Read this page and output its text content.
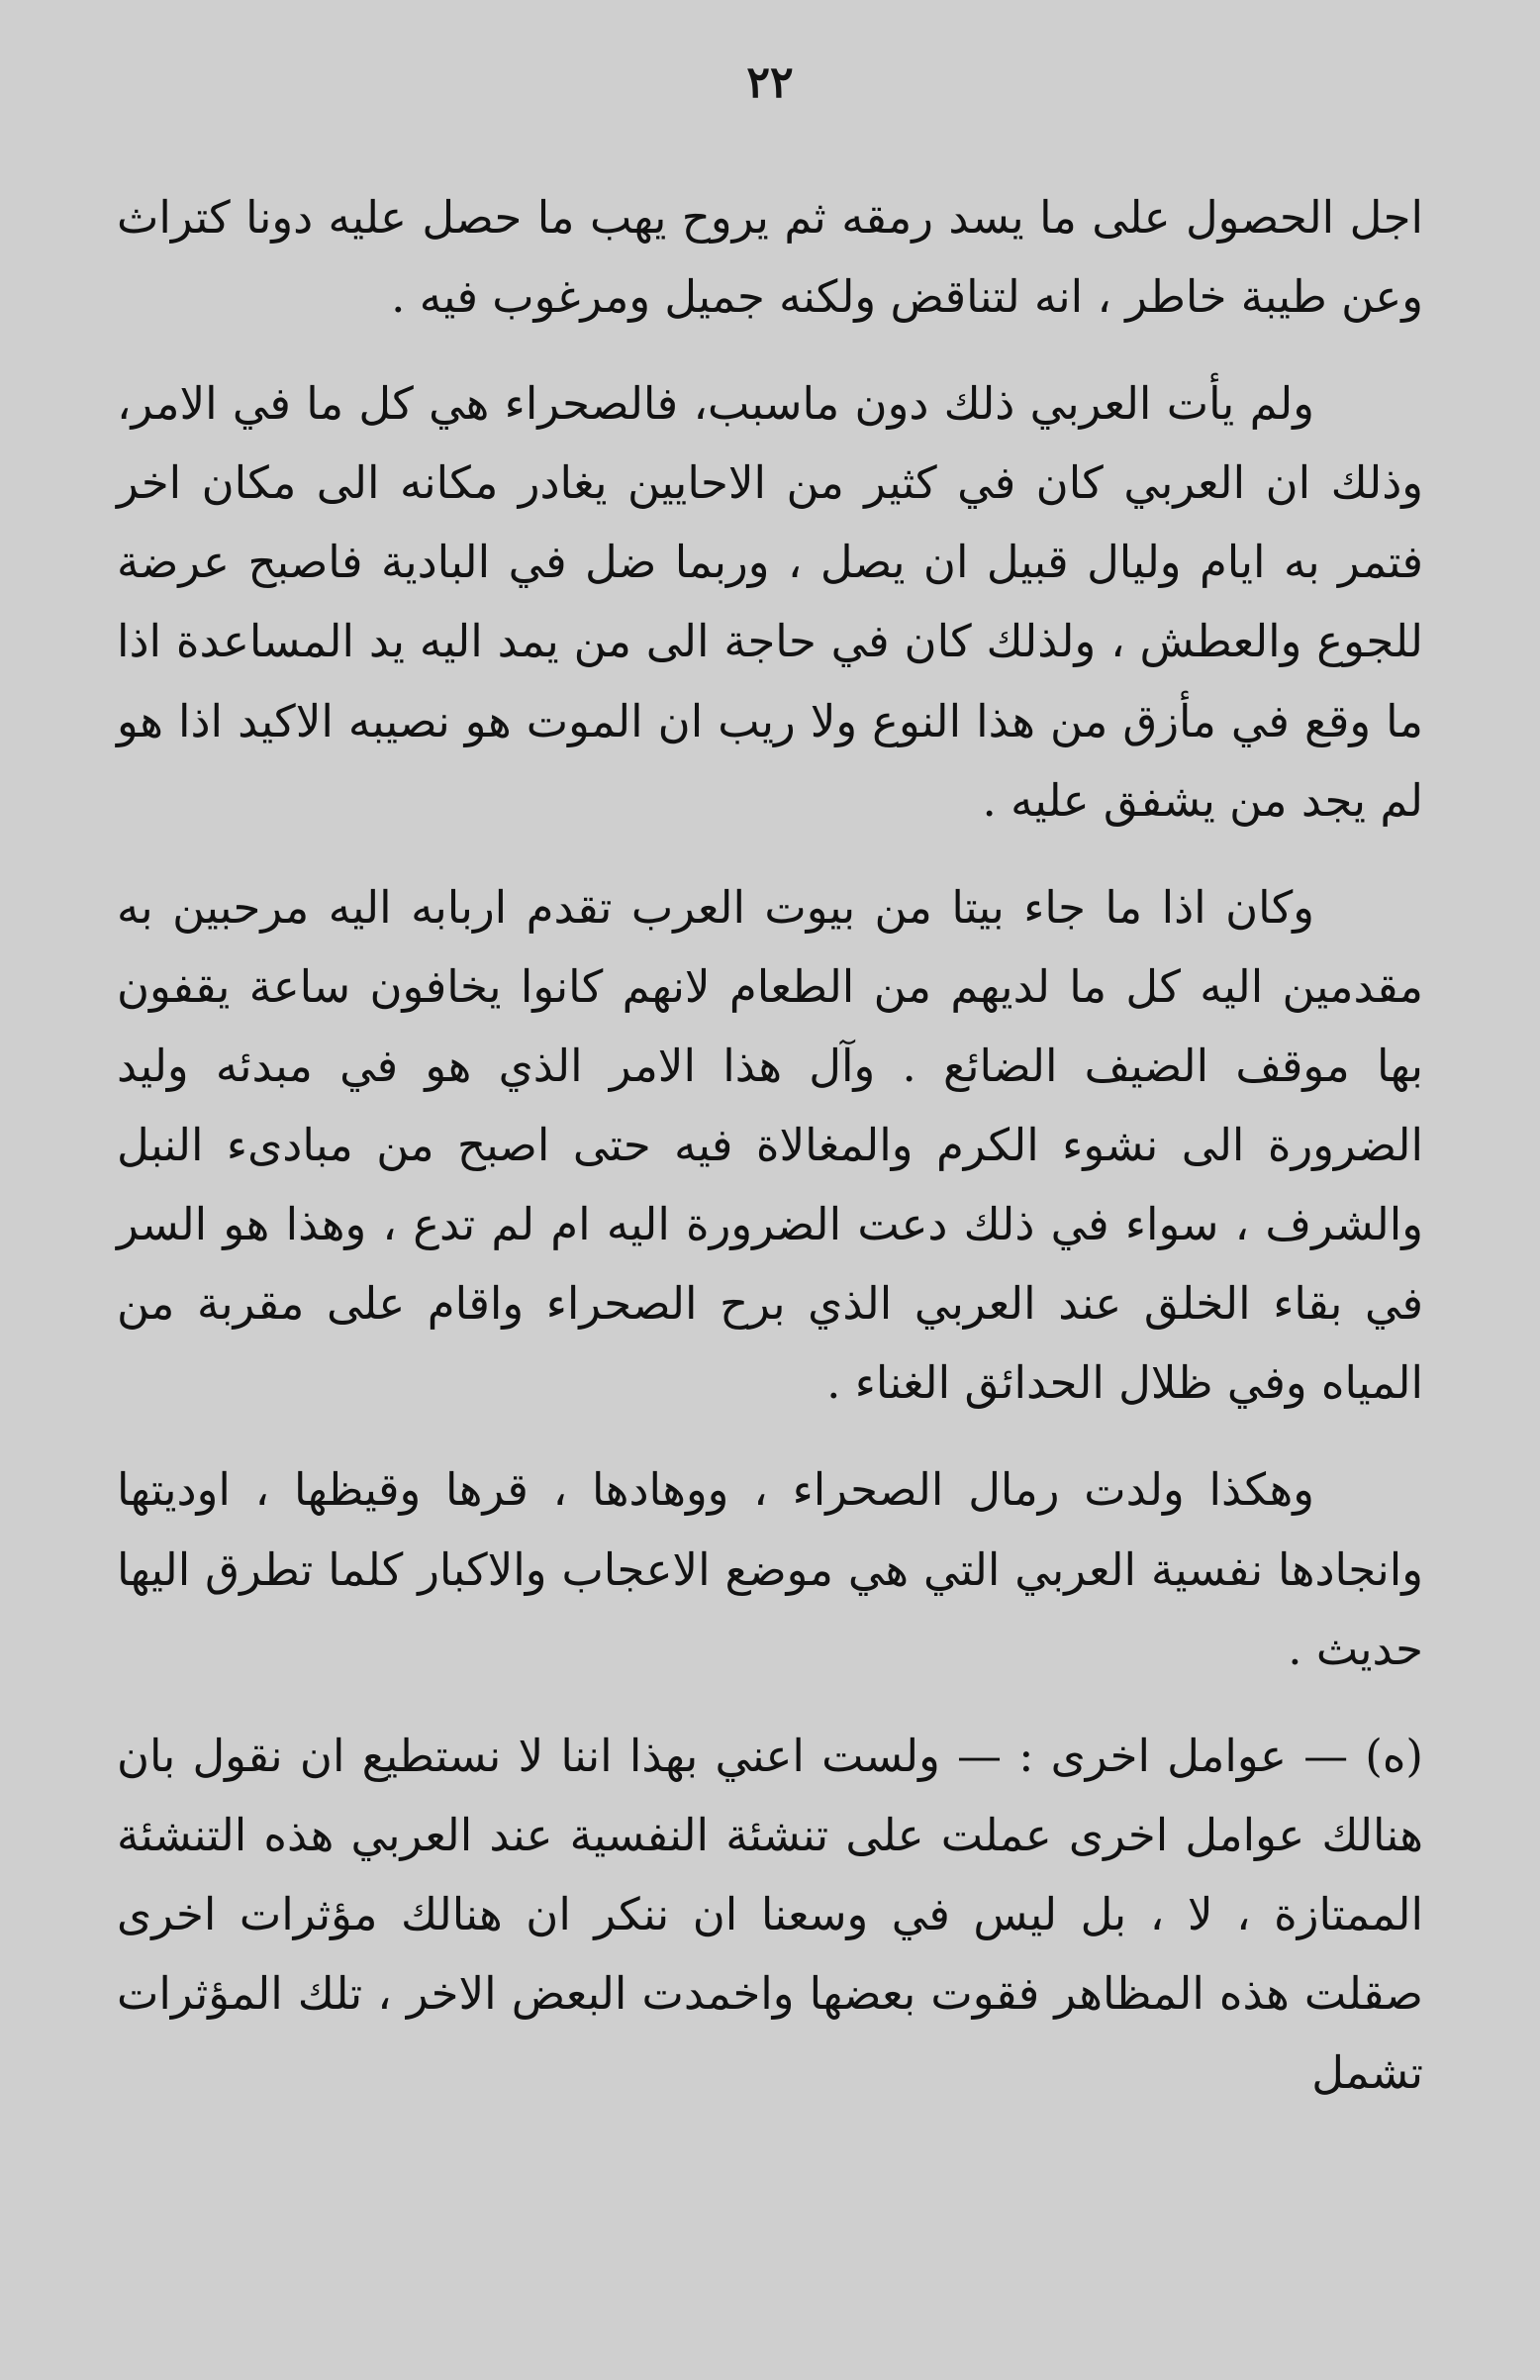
٢٢

اجل الحصول على ما يسد رمقه ثم يروح يهب ما حصل عليه دونا كتراث وعن طيبة خاطر ، انه لتناقض ولكنه جميل ومرغوب فيه .

ولم يأت العربي ذلك دون ماسبب، فالصحراء هي كل ما في الامر، وذلك ان العربي كان في كثير من الاحايين يغادر مكانه الى مكان اخر فتمر به ايام وليال قبيل ان يصل ، وربما ضل في البادية فاصبح عرضة للجوع والعطش ، ولذلك كان في حاجة الى من يمد اليه يد المساعدة اذا ما وقع في مأزق من هذا النوع ولا ريب ان الموت هو نصيبه الاكيد اذا هو لم يجد من يشفق عليه .

وكان اذا ما جاء بيتا من بيوت العرب تقدم اربابه اليه مرحبين به مقدمين اليه كل ما لديهم من الطعام لانهم كانوا يخافون ساعة يقفون بها موقف الضيف الضائع . وآل هذا الامر الذي هو في مبدئه وليد الضرورة الى نشوء الكرم والمغالاة فيه حتى اصبح من مبادىء النبل والشرف ، سواء في ذلك دعت الضرورة اليه ام لم تدع ، وهذا هو السر في بقاء الخلق عند العربي الذي برح الصحراء واقام على مقربة من المياه وفي ظلال الحدائق الغناء .

وهكذا ولدت رمال الصحراء ، ووهادها ، قرها وقيظها ، اوديتها وانجادها نفسية العربي التي هي موضع الاعجاب والاكبار كلما تطرق اليها حديث .

(ه) — عوامل اخرى : — ولست اعني بهذا اننا لا نستطيع ان نقول بان هنالك عوامل اخرى عملت على تنشئة النفسية عند العربي هذه التنشئة الممتازة ، لا ، بل ليس في وسعنا ان ننكر ان هنالك مؤثرات اخرى صقلت هذه المظاهر فقوت بعضها واخمدت البعض الاخر ، تلك المؤثرات تشمل
